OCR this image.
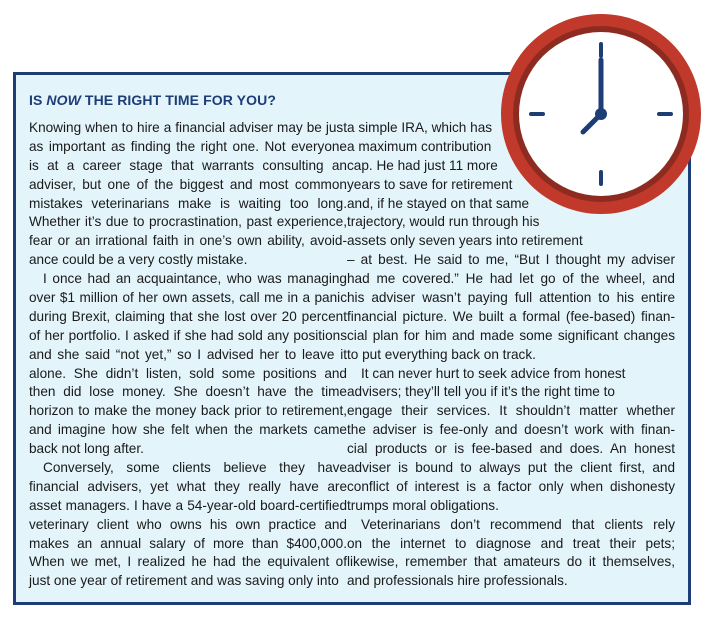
IS NOW THE RIGHT TIME FOR YOU?
Knowing when to hire a financial adviser may be just
as important as finding the right one. Not everyone
is at a career stage that warrants consulting an
adviser, but one of the biggest and most common
mistakes veterinarians make is waiting too long.
Whether it’s due to procrastination, past experience,
fear or an irrational faith in one’s own ability, avoid-
ance could be a very costly mistake.
I once had an acquaintance, who was managing
over $1 million of her own assets, call me in a panic
during Brexit, claiming that she lost over 20 percent
of her portfolio. I asked if she had sold any positions
and she said “not yet,” so I advised her to leave it
alone. She didn’t listen, sold some positions and
then did lose money. She doesn’t have the time
horizon to make the money back prior to retirement,
and imagine how she felt when the markets came
back not long after.
Conversely, some clients believe they have
financial advisers, yet what they really have are
asset managers. I have a 54-year-old board-certified
veterinary client who owns his own practice and
makes an annual salary of more than $400,000.
When we met, I realized he had the equivalent of
just one year of retirement and was saving only into
a simple IRA, which has
a maximum contribution
cap. He had just 11 more
years to save for retirement
and, if he stayed on that same
trajectory, would run through his
assets only seven years into retirement
– at best. He said to me, “But I thought my adviser
had me covered.” He had let go of the wheel, and
his adviser wasn’t paying full attention to his entire
financial picture. We built a formal (fee-based) finan-
cial plan for him and made some significant changes
to put everything back on track.
It can never hurt to seek advice from honest
advisers; they’ll tell you if it’s the right time to
engage their services. It shouldn’t matter whether
the adviser is fee-only and doesn’t work with finan-
cial products or is fee-based and does. An honest
adviser is bound to always put the client first, and
conflict of interest is a factor only when dishonesty
trumps moral obligations.
Veterinarians don’t recommend that clients rely
on the internet to diagnose and treat their pets;
likewise, remember that amateurs do it themselves,
and professionals hire professionals.
